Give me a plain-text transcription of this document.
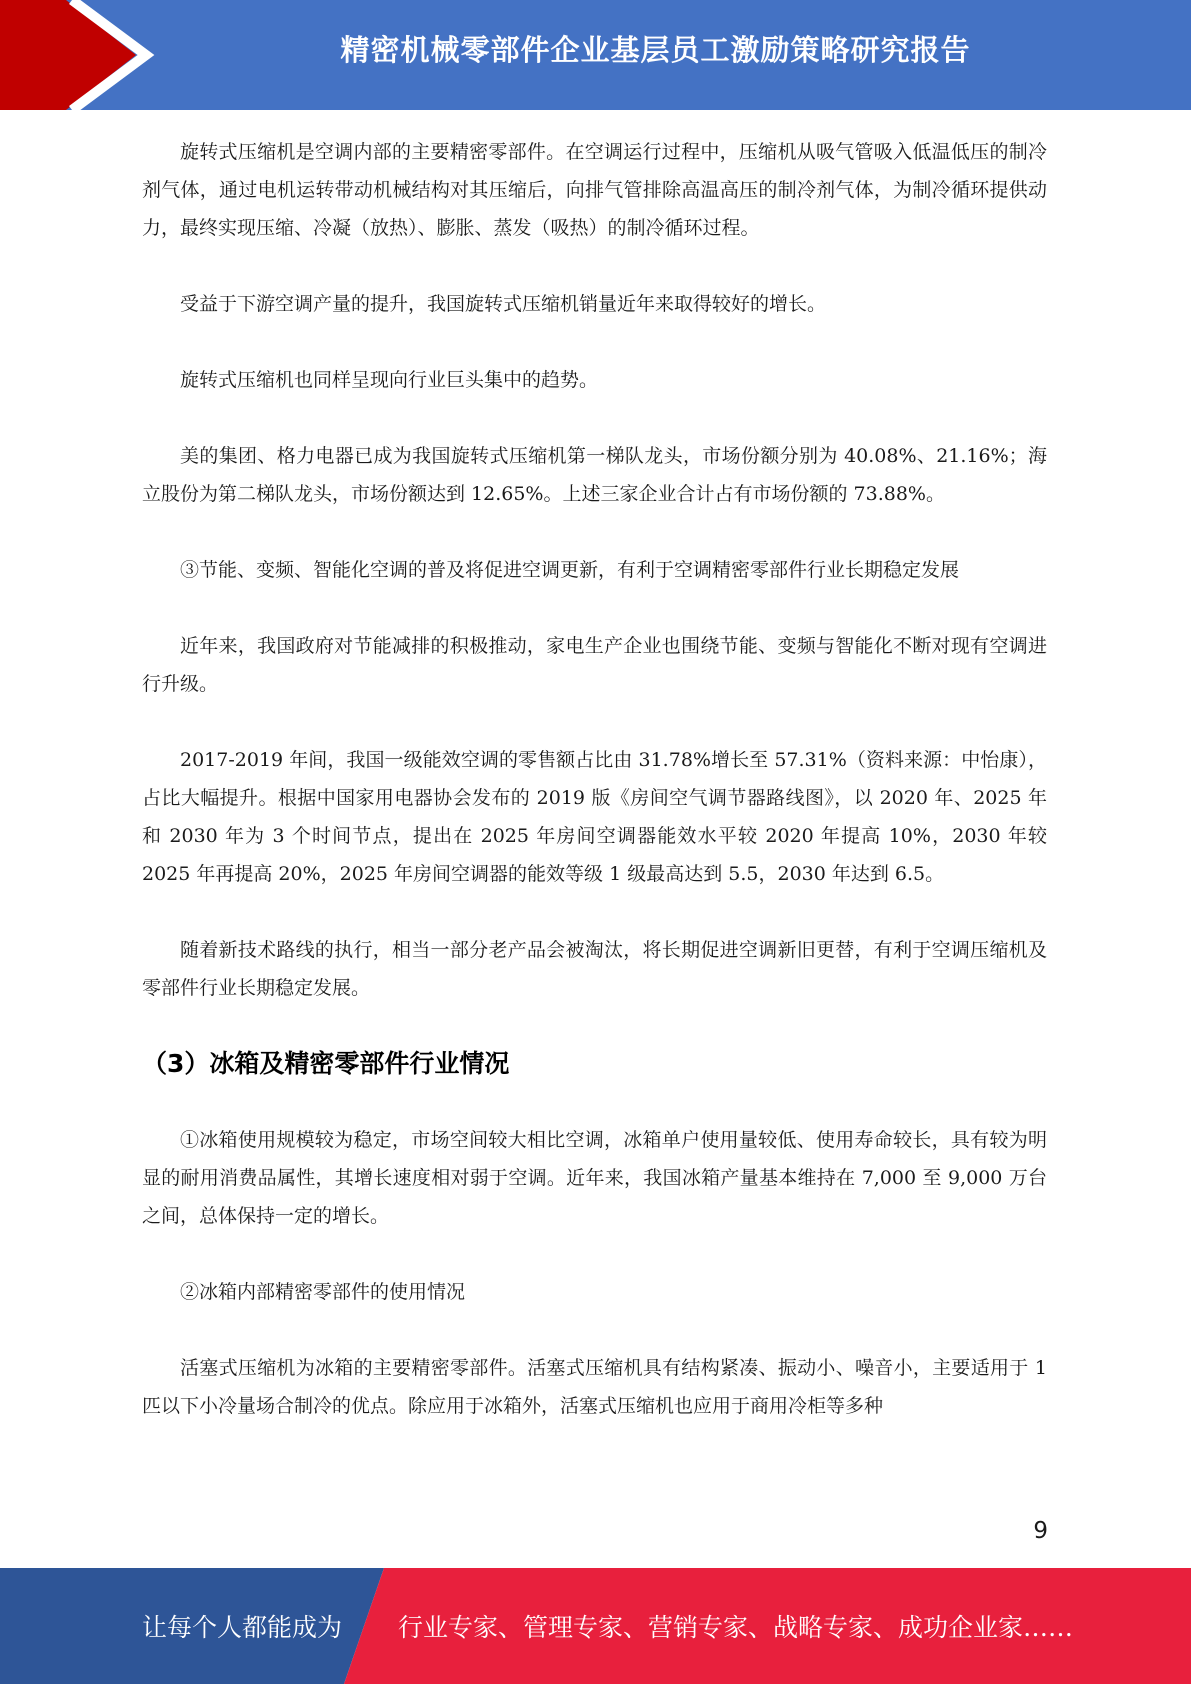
精密机械零部件企业基层员工激励策略研究报告

旋转式压缩机是空调内部的主要精密零部件。在空调运行过程中，压缩机从吸气管吸入低温低压的制冷剂气体，通过电机运转带动机械结构对其压缩后，向排气管排除高温高压的制冷剂气体，为制冷循环提供动力，最终实现压缩、冷凝（放热）、膨胀、蒸发（吸热）的制冷循环过程。

受益于下游空调产量的提升，我国旋转式压缩机销量近年来取得较好的增长。

旋转式压缩机也同样呈现向行业巨头集中的趋势。

美的集团、格力电器已成为我国旋转式压缩机第一梯队龙头，市场份额分别为 40.08%、21.16%；海立股份为第二梯队龙头，市场份额达到 12.65%。上述三家企业合计占有市场份额的 73.88%。

③节能、变频、智能化空调的普及将促进空调更新，有利于空调精密零部件行业长期稳定发展

近年来，我国政府对节能减排的积极推动，家电生产企业也围绕节能、变频与智能化不断对现有空调进行升级。

2017-2019 年间，我国一级能效空调的零售额占比由 31.78%增长至 57.31%（资料来源：中怡康），占比大幅提升。根据中国家用电器协会发布的 2019 版《房间空气调节器路线图》，以 2020 年、2025 年和 2030 年为 3 个时间节点，提出在 2025 年房间空调器能效水平较 2020 年提高 10%，2030 年较 2025 年再提高 20%，2025 年房间空调器的能效等级 1 级最高达到 5.5，2030 年达到 6.5。

随着新技术路线的执行，相当一部分老产品会被淘汰，将长期促进空调新旧更替，有利于空调压缩机及零部件行业长期稳定发展。

（3）冰箱及精密零部件行业情况

①冰箱使用规模较为稳定，市场空间较大相比空调，冰箱单户使用量较低、使用寿命较长，具有较为明显的耐用消费品属性，其增长速度相对弱于空调。近年来，我国冰箱产量基本维持在 7,000 至 9,000 万台之间，总体保持一定的增长。

②冰箱内部精密零部件的使用情况

活塞式压缩机为冰箱的主要精密零部件。活塞式压缩机具有结构紧凑、振动小、噪音小，主要适用于 1 匹以下小冷量场合制冷的优点。除应用于冰箱外，活塞式压缩机也应用于商用冷柜等多种

9
让每个人都能成为 行业专家、管理专家、营销专家、战略专家、成功企业家……
